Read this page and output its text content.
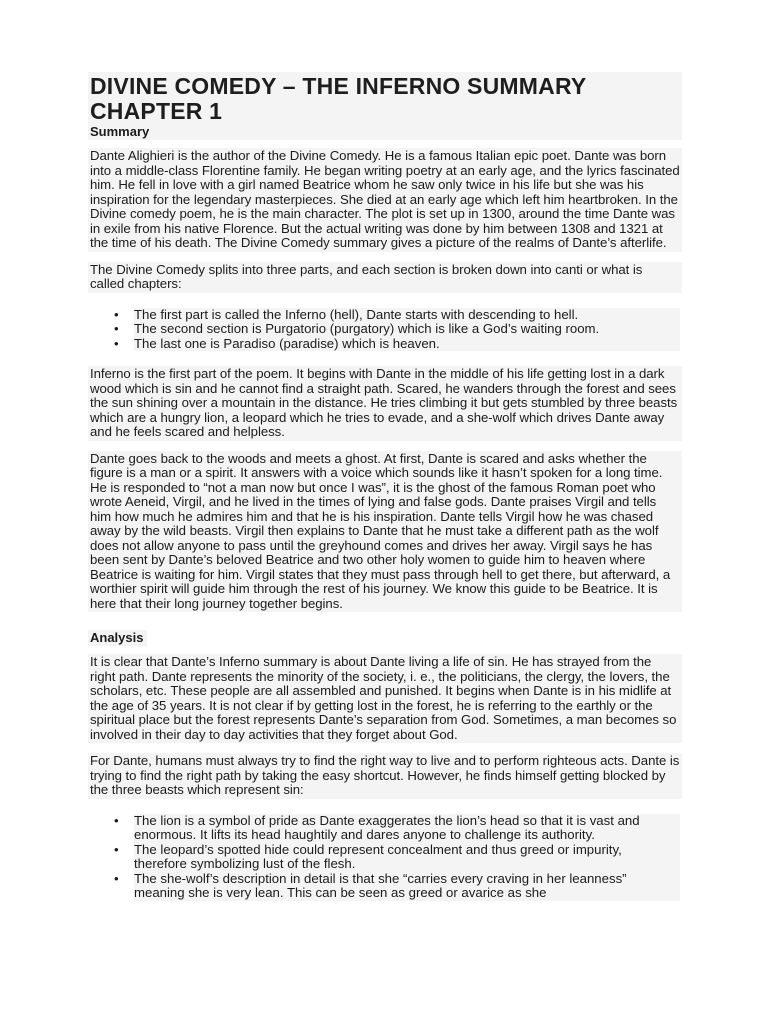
DIVINE COMEDY – THE INFERNO SUMMARY CHAPTER 1
Summary

Dante Alighieri is the author of the Divine Comedy. He is a famous Italian epic poet. Dante was born into a middle-class Florentine family. He began writing poetry at an early age, and the lyrics fascinated him. He fell in love with a girl named Beatrice whom he saw only twice in his life but she was his inspiration for the legendary masterpieces. She died at an early age which left him heartbroken. In the Divine comedy poem, he is the main character. The plot is set up in 1300, around the time Dante was in exile from his native Florence. But the actual writing was done by him between 1308 and 1321 at the time of his death. The Divine Comedy summary gives a picture of the realms of Dante’s afterlife.

The Divine Comedy splits into three parts, and each section is broken down into canti or what is called chapters:

• The first part is called the Inferno (hell), Dante starts with descending to hell.
• The second section is Purgatorio (purgatory) which is like a God’s waiting room.
• The last one is Paradiso (paradise) which is heaven.

Inferno is the first part of the poem. It begins with Dante in the middle of his life getting lost in a dark wood which is sin and he cannot find a straight path. Scared, he wanders through the forest and sees the sun shining over a mountain in the distance. He tries climbing it but gets stumbled by three beasts which are a hungry lion, a leopard which he tries to evade, and a she-wolf which drives Dante away and he feels scared and helpless.

Dante goes back to the woods and meets a ghost. At first, Dante is scared and asks whether the figure is a man or a spirit. It answers with a voice which sounds like it hasn’t spoken for a long time. He is responded to “not a man now but once I was”, it is the ghost of the famous Roman poet who wrote Aeneid, Virgil, and he lived in the times of lying and false gods. Dante praises Virgil and tells him how much he admires him and that he is his inspiration. Dante tells Virgil how he was chased away by the wild beasts. Virgil then explains to Dante that he must take a different path as the wolf does not allow anyone to pass until the greyhound comes and drives her away. Virgil says he has been sent by Dante’s beloved Beatrice and two other holy women to guide him to heaven where Beatrice is waiting for him. Virgil states that they must pass through hell to get there, but afterward, a worthier spirit will guide him through the rest of his journey. We know this guide to be Beatrice. It is here that their long journey together begins.

Analysis

It is clear that Dante’s Inferno summary is about Dante living a life of sin. He has strayed from the right path. Dante represents the minority of the society, i. e., the politicians, the clergy, the lovers, the scholars, etc. These people are all assembled and punished. It begins when Dante is in his midlife at the age of 35 years. It is not clear if by getting lost in the forest, he is referring to the earthly or the spiritual place but the forest represents Dante’s separation from God. Sometimes, a man becomes so involved in their day to day activities that they forget about God.

For Dante, humans must always try to find the right way to live and to perform righteous acts. Dante is trying to find the right path by taking the easy shortcut. However, he finds himself getting blocked by the three beasts which represent sin:

• The lion is a symbol of pride as Dante exaggerates the lion’s head so that it is vast and enormous. It lifts its head haughtily and dares anyone to challenge its authority.
• The leopard’s spotted hide could represent concealment and thus greed or impurity, therefore symbolizing lust of the flesh.
• The she-wolf’s description in detail is that she “carries every craving in her leanness” meaning she is very lean. This can be seen as greed or avarice as she
